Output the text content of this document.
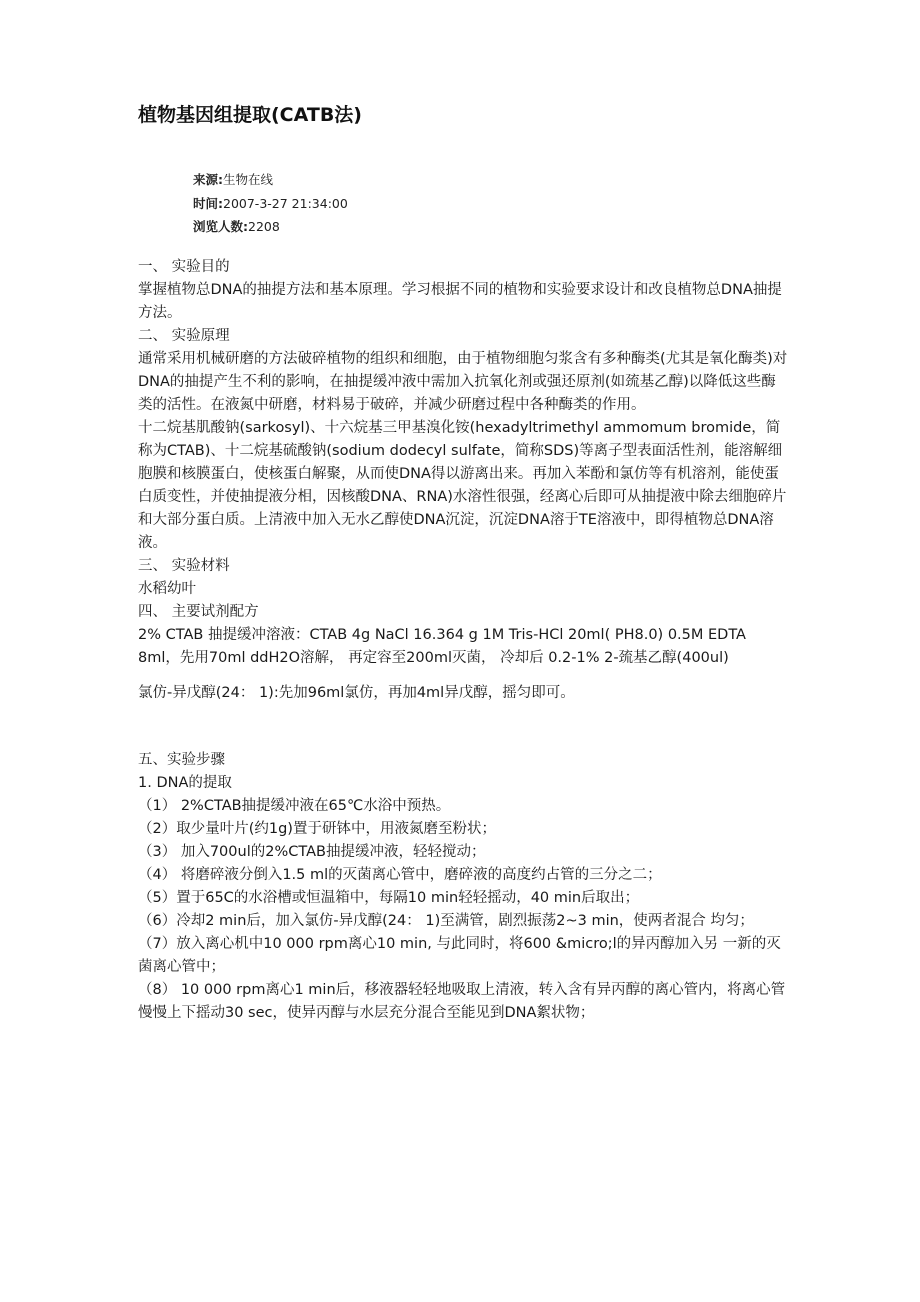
植物基因组提取(CATB法)
来源:生物在线
时间:2007-3-27 21:34:00
浏览人数:2208

一、 实验目的

掌握植物总DNA的抽提方法和基本原理。学习根据不同的植物和实验要求设计和改良植物总DNA抽提方法。

二、 实验原理

通常采用机械研磨的方法破碎植物的组织和细胞，由于植物细胞匀浆含有多种酶类(尤其是氧化酶类)对DNA的抽提产生不利的影响，在抽提缓冲液中需加入抗氧化剂或强还原剂(如巯基乙醇)以降低这些酶类的活性。在液氮中研磨，材料易于破碎，并减少研磨过程中各种酶类的作用。

十二烷基肌酸钠(sarkosyl)、十六烷基三甲基溴化铵(hexadyltrimethyl ammomum bromide，简称为CTAB)、十二烷基硫酸钠(sodium dodecyl sulfate，简称SDS)等离子型表面活性剂，能溶解细胞膜和核膜蛋白，使核蛋白解聚，从而使DNA得以游离出来。再加入苯酚和氯仿等有机溶剂，能使蛋白质变性，并使抽提液分相，因核酸DNA、RNA)水溶性很强，经离心后即可从抽提液中除去细胞碎片和大部分蛋白质。上清液中加入无水乙醇使DNA沉淀，沉淀DNA溶于TE溶液中，即得植物总DNA溶液。

三、 实验材料

水稻幼叶

四、 主要试剂配方

2% CTAB 抽提缓冲溶液：CTAB 4g NaCl 16.364 g 1M Tris-HCl 20ml( PH8.0) 0.5M EDTA 8ml，先用70ml ddH2O溶解， 再定容至200ml灭菌， 冷却后 0.2-1% 2-巯基乙醇(400ul)

氯仿-异戊醇(24： 1):先加96ml氯仿，再加4ml异戊醇，摇匀即可。

五、实验步骤

1. DNA的提取

（1） 2%CTAB抽提缓冲液在65℃水浴中预热。

（2）取少量叶片(约1g)置于研钵中，用液氮磨至粉状；

（3） 加入700ul的2%CTAB抽提缓冲液，轻轻搅动；

（4） 将磨碎液分倒入1.5 ml的灭菌离心管中，磨碎液的高度约占管的三分之二；

（5）置于65C的水浴槽或恒温箱中，每隔10 min轻轻摇动，40 min后取出；

（6）冷却2 min后，加入氯仿-异戊醇(24： 1)至满管，剧烈振荡2~3 min，使两者混合 均匀；

（7）放入离心机中10 000 rpm离心10 min, 与此同时，将600 &micro;l的异丙醇加入另 一新的灭菌离心管中；

（8） 10 000 rpm离心1 min后，移液器轻轻地吸取上清液，转入含有异丙醇的离心管内，将离心管慢慢上下摇动30 sec，使异丙醇与水层充分混合至能见到DNA絮状物；
